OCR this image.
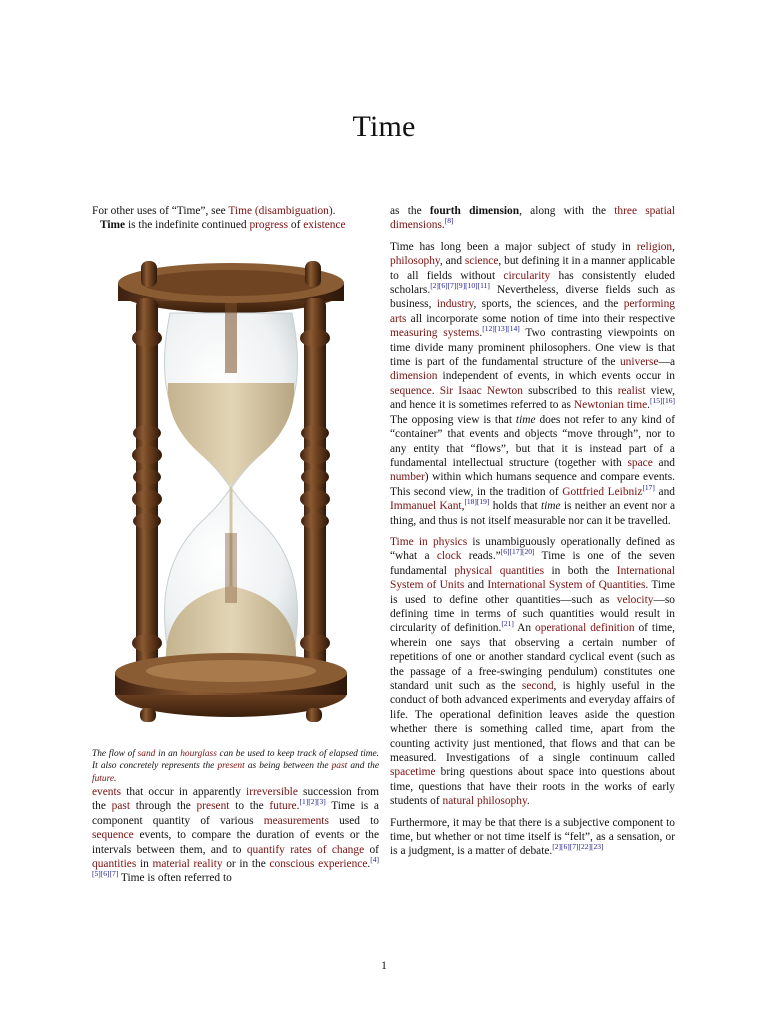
Time

For other uses of “Time”, see Time (disambiguation).

Time is the indefinite continued progress of existence

The flow of sand in an hourglass can be used to keep track of elapsed time. It also concretely represents the present as being between the past and the future.

events that occur in apparently irreversible succession from the past through the present to the future.[1][2][3] Time is a component quantity of various measurements used to sequence events, to compare the duration of events or the intervals between them, and to quantify rates of change of quantities in material reality or in the conscious experience.[4][5][6][7] Time is often referred to

as the fourth dimension, along with the three spatial dimensions.[8]

Time has long been a major subject of study in religion, philosophy, and science, but defining it in a manner applicable to all fields without circularity has consistently eluded scholars.[2][6][7][9][10][11] Nevertheless, diverse fields such as business, industry, sports, the sciences, and the performing arts all incorporate some notion of time into their respective measuring systems.[12][13][14] Two contrasting viewpoints on time divide many prominent philosophers. One view is that time is part of the fundamental structure of the universe—a dimension independent of events, in which events occur in sequence. Sir Isaac Newton subscribed to this realist view, and hence it is sometimes referred to as Newtonian time.[15][16] The opposing view is that time does not refer to any kind of “container” that events and objects “move through”, nor to any entity that “flows”, but that it is instead part of a fundamental intellectual structure (together with space and number) within which humans sequence and compare events. This second view, in the tradition of Gottfried Leibniz[17] and Immanuel Kant,[18][19] holds that time is neither an event nor a thing, and thus is not itself measurable nor can it be travelled.

Time in physics is unambiguously operationally defined as “what a clock reads.”[6][17][20] Time is one of the seven fundamental physical quantities in both the International System of Units and International System of Quantities. Time is used to define other quantities—such as velocity—so defining time in terms of such quantities would result in circularity of definition.[21] An operational definition of time, wherein one says that observing a certain number of repetitions of one or another standard cyclical event (such as the passage of a free-swinging pendulum) constitutes one standard unit such as the second, is highly useful in the conduct of both advanced experiments and everyday affairs of life. The operational definition leaves aside the question whether there is something called time, apart from the counting activity just mentioned, that flows and that can be measured. Investigations of a single continuum called spacetime bring questions about space into questions about time, questions that have their roots in the works of early students of natural philosophy.

Furthermore, it may be that there is a subjective component to time, but whether or not time itself is “felt”, as a sensation, or is a judgment, is a matter of debate.[2][6][7][22][23]

1
